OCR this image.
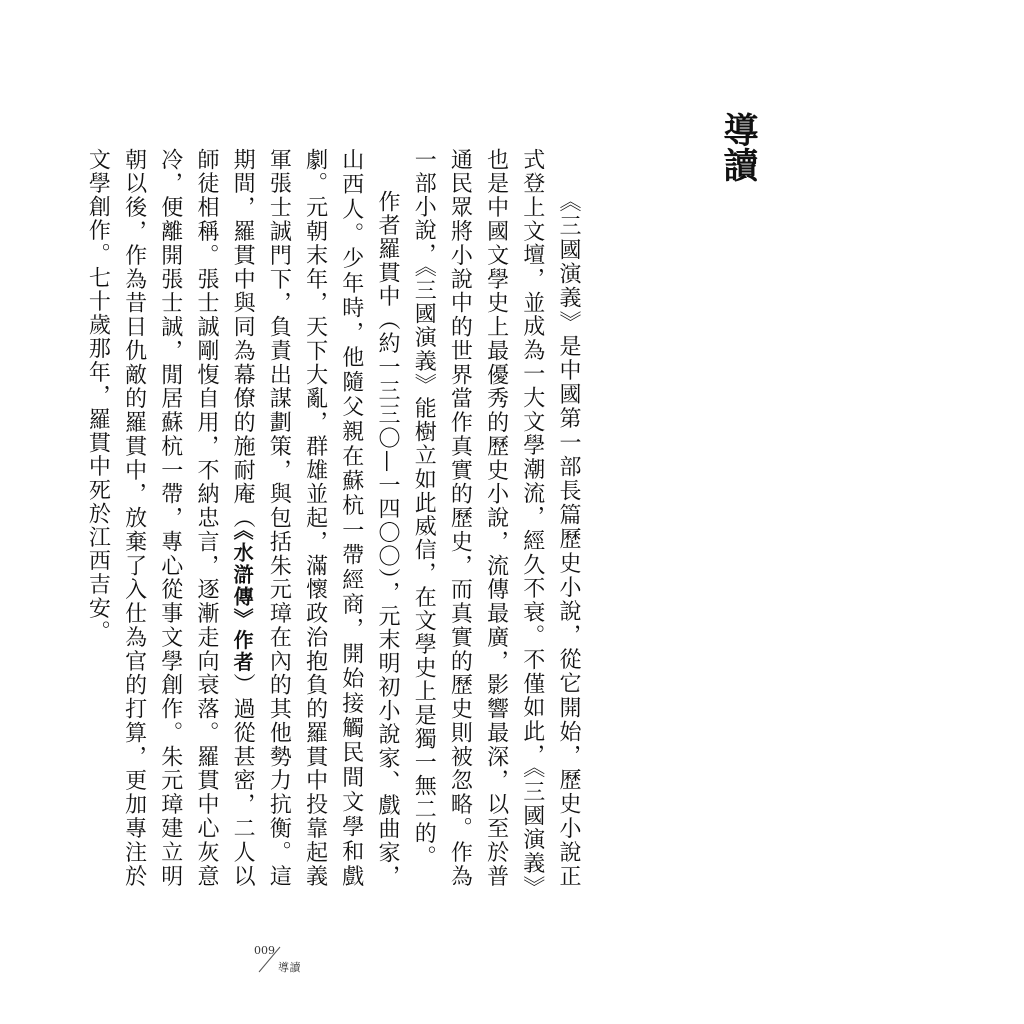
導讀

《三國演義》是中國第一部長篇歷史小說，從它開始，歷史小說正式登上文壇，並成為一大文學潮流，經久不衰。不僅如此，《三國演義》也是中國文學史上最優秀的歷史小說，流傳最廣，影響最深，以至於普通民眾將小說中的世界當作真實的歷史，而真實的歷史則被忽略。作為一部小說，《三國演義》能樹立如此威信，在文學史上是獨一無二的。

作者羅貫中（約一三三〇—一四〇〇），元末明初小說家、戲曲家，山西人。少年時，他隨父親在蘇杭一帶經商，開始接觸民間文學和戲劇。元朝末年，天下大亂，群雄並起，滿懷政治抱負的羅貫中投靠起義軍張士誠門下，負責出謀劃策，與包括朱元璋在內的其他勢力抗衡。這期間，羅貫中與同為幕僚的施耐庵（《水滸傳》作者）過從甚密，二人以師徒相稱。張士誠剛愎自用，不納忠言，逐漸走向衰落。羅貫中心灰意冷，便離開張士誠，閒居蘇杭一帶，專心從事文學創作。朱元璋建立明朝以後，作為昔日仇敵的羅貫中，放棄了入仕為官的打算，更加專注於文學創作。七十歲那年，羅貫中死於江西吉安。

009
導讀
